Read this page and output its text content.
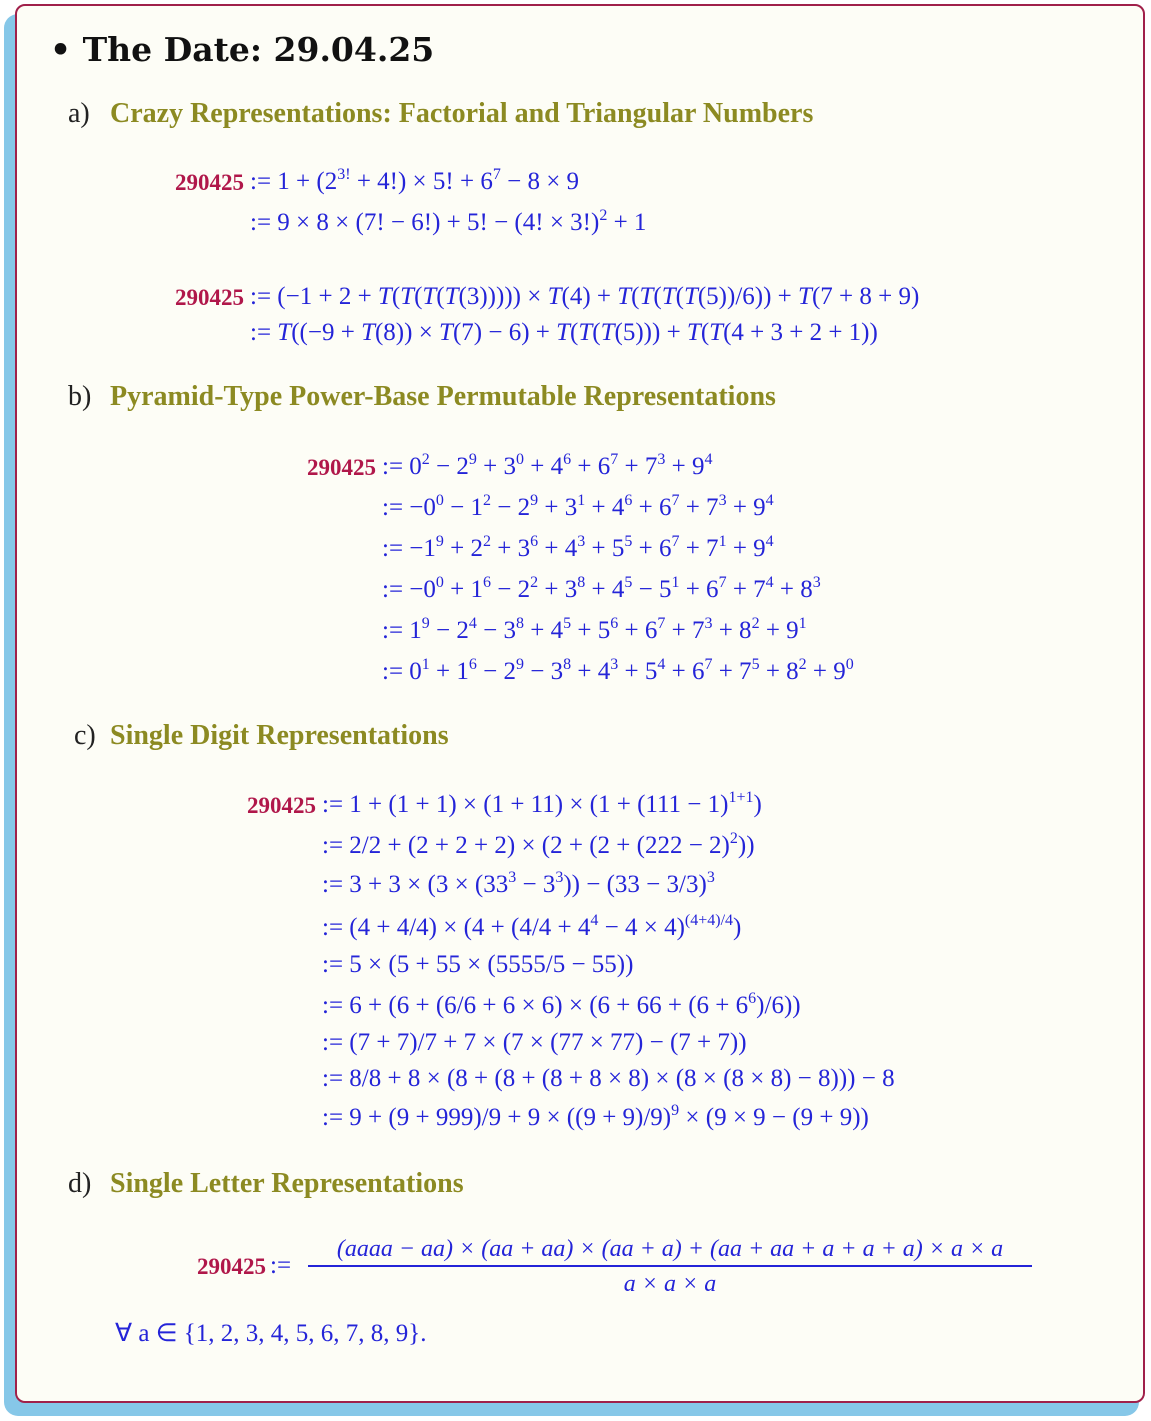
• The Date: 29.04.25
a) Crazy Representations: Factorial and Triangular Numbers
290425 := $1 + (2^{3!} + 4!) \times 5$! + $6^7 - 8 \times 9$
:= 9 × 8 × (7! − 6!) + 5! − (4! × 3!)$^2$ + 1
290425 := (−1 + 2 + T(T(T(T(3))))) × T(4) + T(T(T(T(5))/6)) + T(7 + 8 + 9)
:= T((−9 + T(8)) × T(7) − 6) + T(T(T(5))) + T(T(4 + 3 + 2 + 1))
b) Pyramid-Type Power-Base Permutable Representations
290425 := $0^2 - 2^9 + 3^0 + 4^6 + 6^7 + 7^3 + 9^4$
:= $-0^0 - 1^2 - 2^9 + 3^1 + 4^6 + 6^7 + 7^3 + 9^4$
:= $-1^9 + 2^2 + 3^6 + 4^3 + 5^5 + 6^7 + 7^1 + 9^4$
:= $-0^0 + 1^6 - 2^2 + 3^8 + 4^5 - 5^1 + 6^7 + 7^4 + 8^3$
:= $1^9 - 2^4 - 3^8 + 4^5 + 5^6 + 6^7 + 7^3 + 8^2 + 9^1$
:= $0^1 + 1^6 - 2^9 - 3^8 + 4^3 + 5^4 + 6^7 + 7^5 + 8^2 + 9^0$
c) Single Digit Representations
290425 := $1 + (1 + 1) \times (1 + 11) \times (1 + (111 - 1)^{1+1})$
:= $2/2 + (2 + 2 + 2) \times (2 + (2 + (222 - 2)^2))$
:= $3 + 3 \times (3 \times (33^3 - 3^3)) - (33 - 3/3)^3$
:= $(4 + 4/4) \times (4 + (4/4 + 4^4 - 4 \times 4)^{(4+4)/4})$
:= 5 × (5 + 55 × (5555/5 − 55))
:= $6 + (6 + (6/6 + 6 \times 6) \times (6 + 66 + (6 + 6^6)/6))$
:= (7 + 7)/7 + 7 × (7 × (77 × 77) − (7 + 7))
:= 8/8 + 8 × (8 + (8 + (8 + 8 × 8) × (8 × (8 × 8) − 8))) − 8
:= $9 + (9 + 999)/9 + 9 \times ((9 + 9)/9)^9 \times (9 \times 9 - (9 + 9))$
d) Single Letter Representations
290425 :=
(aaaa − aa) × (aa + aa) × (aa + a) + (aa + aa + a + a + a) × a × a
a × a × a
∀ a ∈ {1, 2, 3, 4, 5, 6, 7, 8, 9}.
